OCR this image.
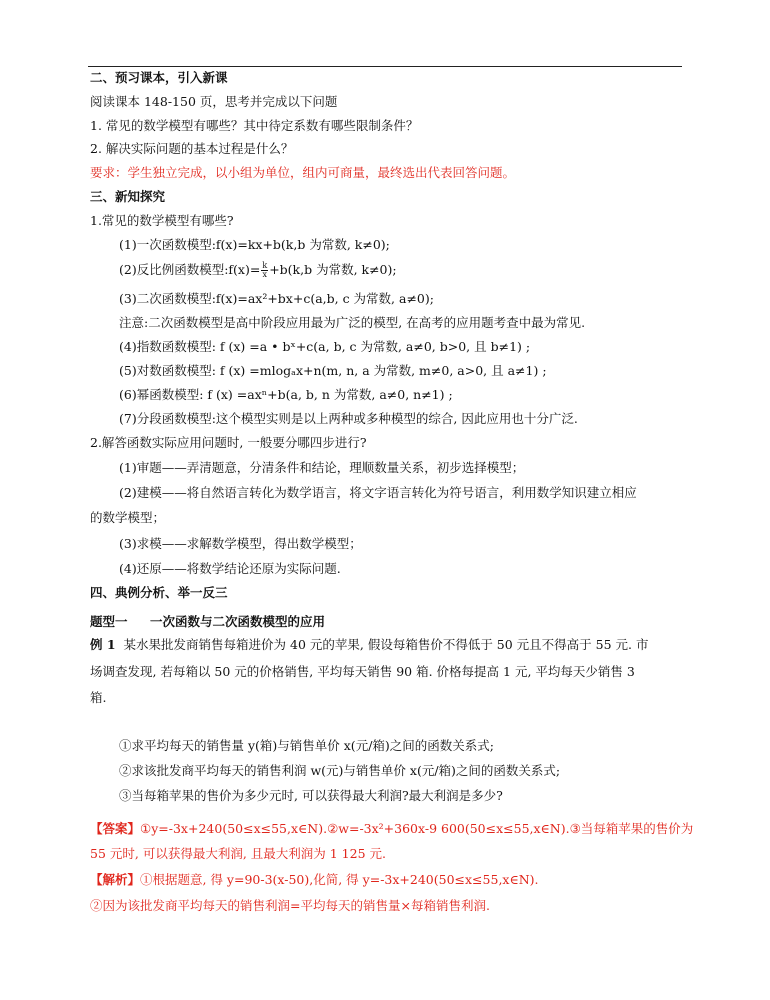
二、预习课本，引入新课
阅读课本 148-150 页，思考并完成以下问题
1. 常见的数学模型有哪些？其中待定系数有哪些限制条件？
2. 解决实际问题的基本过程是什么？
要求：学生独立完成，以小组为单位，组内可商量，最终选出代表回答问题。
三、新知探究
1.常见的数学模型有哪些?
(1)一次函数模型:f(x)=kx+b(k,b 为常数, k≠0);
(2)反比例函数模型:f(x)= $\frac{k}{x} +b(k,b$ 为常数, k≠0);
(3)二次函数模型:f(x)=ax²+bx+c(a,b, c 为常数, a≠0);
注意:二次函数模型是高中阶段应用最为广泛的模型, 在高考的应用题考查中最为常见.
(4)指数函数模型: f (x) =a • bˣ+c(a, b, c 为常数, a≠0, b>0, 且 b≠1) ;
(5)对数函数模型: f (x) =mlogₐx+n(m, n, a 为常数, m≠0, a>0, 且 a≠1) ;
(6)幂函数模型: f (x) =axⁿ+b(a, b, n 为常数, a≠0, n≠1) ;
(7)分段函数模型:这个模型实则是以上两种或多种模型的综合, 因此应用也十分广泛.
2.解答函数实际应用问题时, 一般要分哪四步进行?
(1)审题——弄清题意，分清条件和结论，理顺数量关系，初步选择模型；
(2)建模——将自然语言转化为数学语言，将文字语言转化为符号语言，利用数学知识建立相应
的数学模型；
(3)求模——求解数学模型，得出数学模型；
(4)还原——将数学结论还原为实际问题.
四、典例分析、举一反三
题型一 一次函数与二次函数模型的应用
例 1 某水果批发商销售每箱进价为 40 元的苹果, 假设每箱售价不得低于 50 元且不得高于 55 元. 市
场调查发现, 若每箱以 50 元的价格销售, 平均每天销售 90 箱. 价格每提高 1 元, 平均每天少销售 3
箱.
①求平均每天的销售量 y(箱)与销售单价 x(元/箱)之间的函数关系式;
②求该批发商平均每天的销售利润 w(元)与销售单价 x(元/箱)之间的函数关系式;
③当每箱苹果的售价为多少元时, 可以获得最大利润?最大利润是多少?
【答案】①y=-3x+240(50≤x≤55,x∈N).②w=-3x²+360x-9 600(50≤x≤55,x∈N).③当每箱苹果的售价为
55 元时, 可以获得最大利润, 且最大利润为 1 125 元.
【解析】①根据题意, 得 y=90-3(x-50),化简, 得 y=-3x+240(50≤x≤55,x∈N).
②因为该批发商平均每天的销售利润=平均每天的销售量×每箱销售利润.
